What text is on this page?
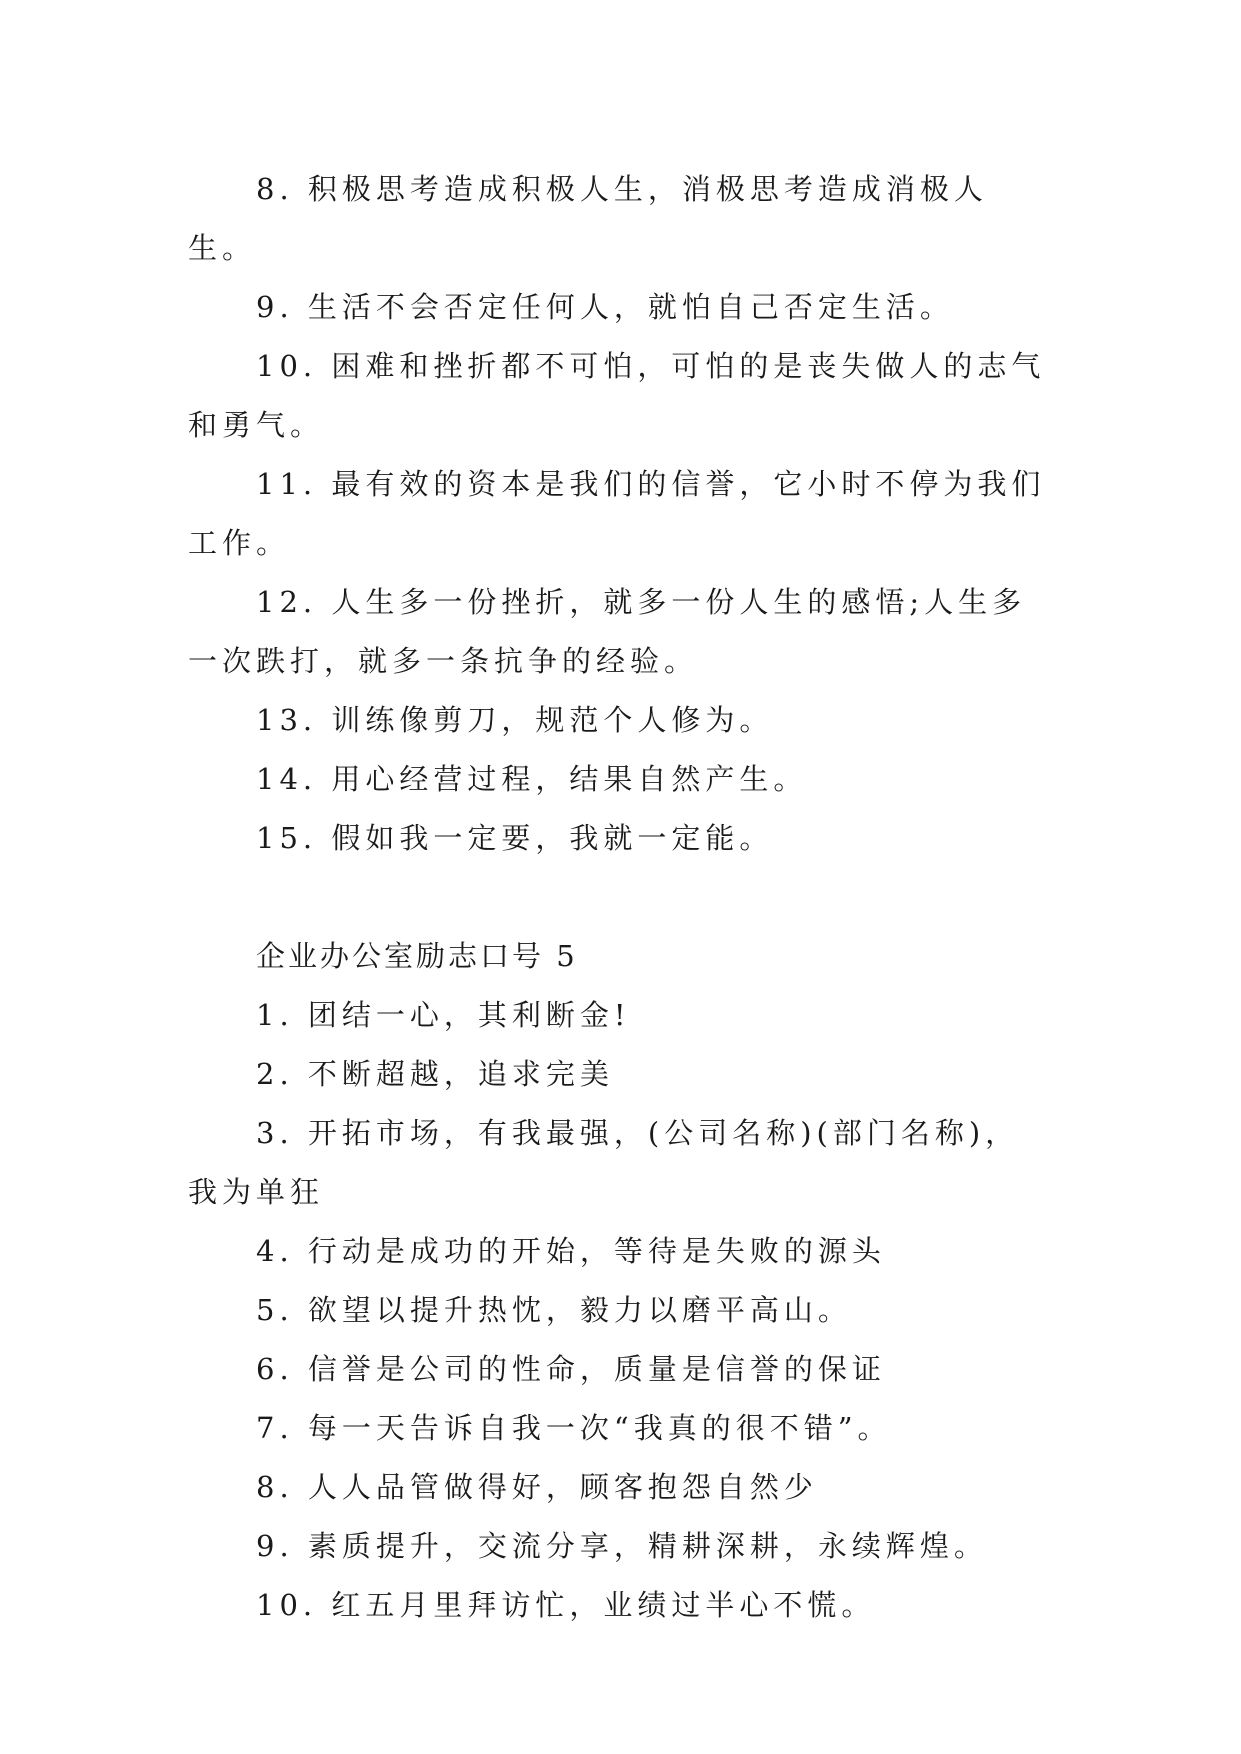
8. 积极思考造成积极人生，消极思考造成消极人生。

9. 生活不会否定任何人，就怕自己否定生活。

10. 困难和挫折都不可怕，可怕的是丧失做人的志气和勇气。

11. 最有效的资本是我们的信誉，它小时不停为我们工作。

12. 人生多一份挫折，就多一份人生的感悟;人生多一次跌打，就多一条抗争的经验。

13. 训练像剪刀，规范个人修为。

14. 用心经营过程，结果自然产生。

15. 假如我一定要，我就一定能。

企业办公室励志口号 5

1. 团结一心，其利断金!

2. 不断超越，追求完美

3. 开拓市场，有我最强，(公司名称)(部门名称)，我为单狂

4. 行动是成功的开始，等待是失败的源头

5. 欲望以提升热忱，毅力以磨平高山。

6. 信誉是公司的性命，质量是信誉的保证

7. 每一天告诉自我一次“我真的很不错”。

8. 人人品管做得好，顾客抱怨自然少

9. 素质提升，交流分享，精耕深耕，永续辉煌。

10. 红五月里拜访忙，业绩过半心不慌。
